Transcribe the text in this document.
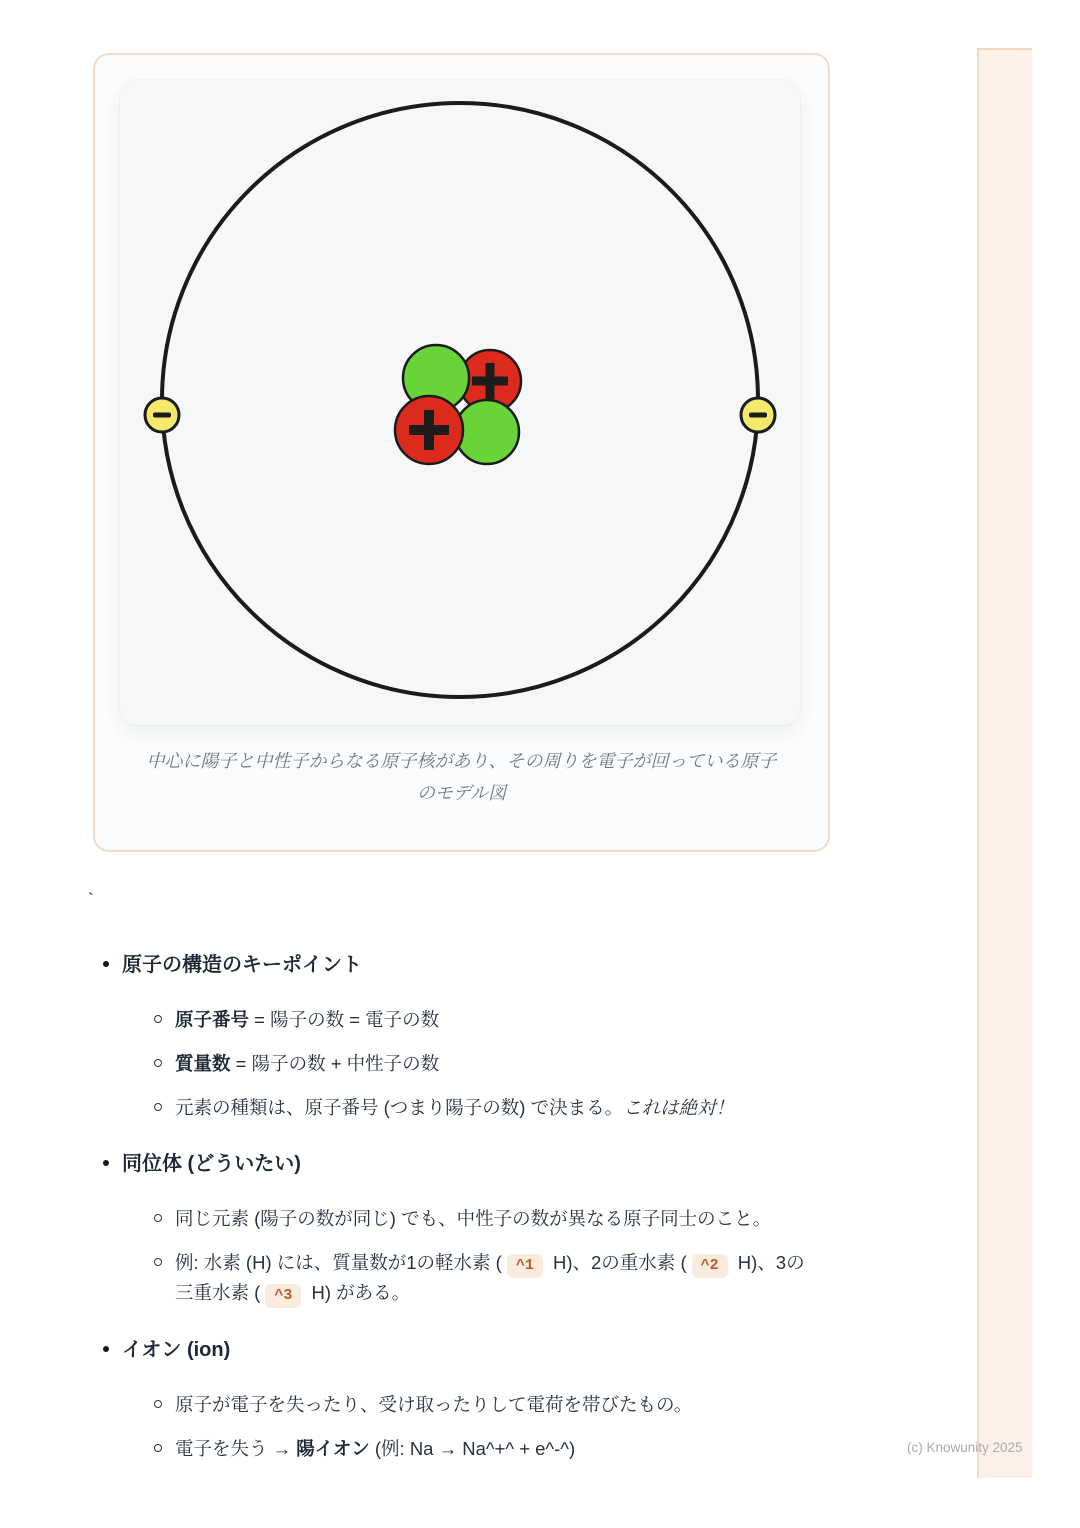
中心に陽子と中性子からなる原子核があり、その周りを電子が回っている原子
のモデル図
`
原子の構造のキーポイント
原子番号 = 陽子の数 = 電子の数
質量数 = 陽子の数 + 中性子の数
元素の種類は、原子番号 (つまり陽子の数) で決まる。これは絶対！
同位体 (どういたい)
同じ元素 (陽子の数が同じ) でも、中性子の数が異なる原子同士のこと。
例: 水素 (H) には、質量数が1の軽水素 ( ^1 H)、2の重水素 ( ^2 H)、3の
三重水素 ( ^3 H) がある。
イオン (ion)
原子が電子を失ったり、受け取ったりして電荷を帯びたもの。
電子を失う → 陽イオン (例: Na → Na^+^ + e^-^)	(c) Knowunity 2025
